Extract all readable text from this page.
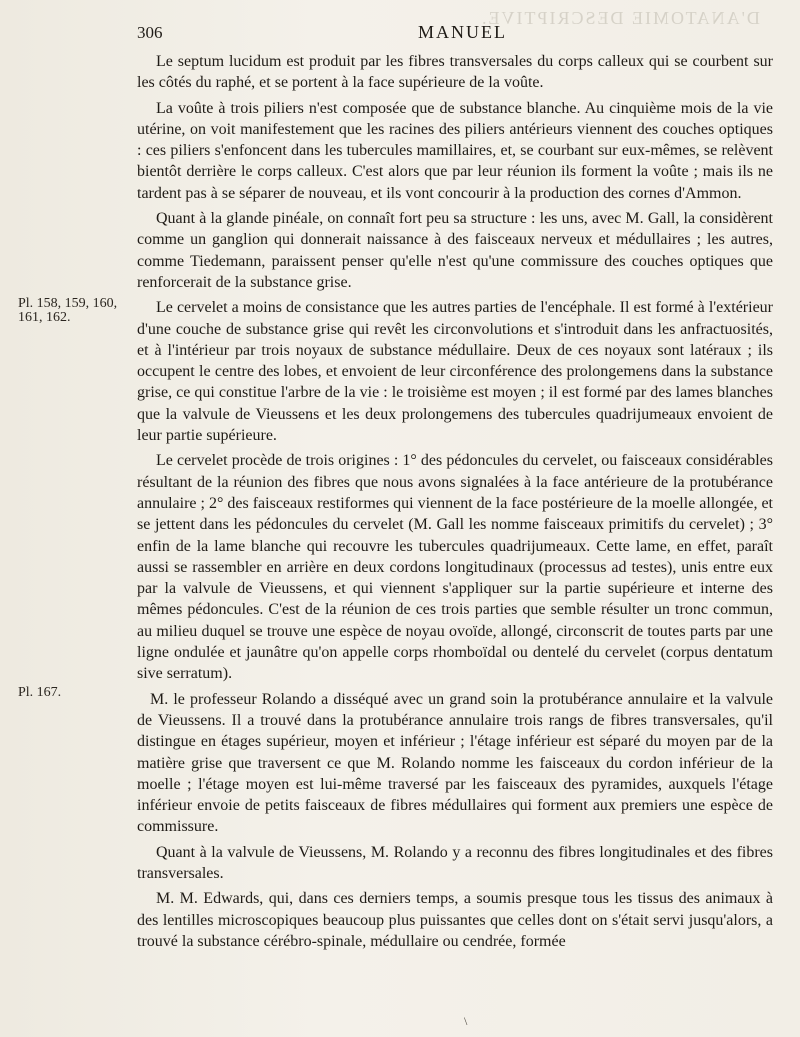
D'ANATOMIE DESCRIPTIVE.
306	MANUEL
Pl. 158, 159, 160, 161, 162.
Pl. 167.

Le septum lucidum est produit par les fibres transversales du corps calleux qui se courbent sur les côtés du raphé, et se portent à la face supérieure de la voûte.

La voûte à trois piliers n'est composée que de substance blanche. Au cinquième mois de la vie utérine, on voit manifestement que les racines des piliers antérieurs viennent des couches optiques : ces piliers s'enfoncent dans les tubercules mamillaires, et, se courbant sur eux-mêmes, se relèvent bientôt derrière le corps calleux. C'est alors que par leur réunion ils forment la voûte ; mais ils ne tardent pas à se séparer de nouveau, et ils vont concourir à la production des cornes d'Ammon.

Quant à la glande pinéale, on connaît fort peu sa structure : les uns, avec M. Gall, la considèrent comme un ganglion qui donnerait naissance à des faisceaux nerveux et médullaires ; les autres, comme Tiedemann, paraissent penser qu'elle n'est qu'une commissure des couches optiques que renforcerait de la substance grise.

Le cervelet a moins de consistance que les autres parties de l'encéphale. Il est formé à l'extérieur d'une couche de substance grise qui revêt les circonvolutions et s'introduit dans les anfractuosités, et à l'intérieur par trois noyaux de substance médullaire. Deux de ces noyaux sont latéraux ; ils occupent le centre des lobes, et envoient de leur circonférence des prolongemens dans la substance grise, ce qui constitue l'arbre de la vie : le troisième est moyen ; il est formé par des lames blanches que la valvule de Vieussens et les deux prolongemens des tubercules quadrijumeaux envoient de leur partie supérieure.

Le cervelet procède de trois origines : 1° des pédoncules du cervelet, ou faisceaux considérables résultant de la réunion des fibres que nous avons signalées à la face antérieure de la protubérance annulaire ; 2° des faisceaux restiformes qui viennent de la face postérieure de la moelle allongée, et se jettent dans les pédoncules du cervelet (M. Gall les nomme faisceaux primitifs du cervelet) ; 3° enfin de la lame blanche qui recouvre les tubercules quadrijumeaux. Cette lame, en effet, paraît aussi se rassembler en arrière en deux cordons longitudinaux (processus ad testes), unis entre eux par la valvule de Vieussens, et qui viennent s'appliquer sur la partie supérieure et interne des mêmes pédoncules. C'est de la réunion de ces trois parties que semble résulter un tronc commun, au milieu duquel se trouve une espèce de noyau ovoïde, allongé, circonscrit de toutes parts par une ligne ondulée et jaunâtre qu'on appelle corps rhomboïdal ou dentelé du cervelet (corpus dentatum sive serratum).

M. le professeur Rolando a disséqué avec un grand soin la protubérance annulaire et la valvule de Vieussens. Il a trouvé dans la protubérance annulaire trois rangs de fibres transversales, qu'il distingue en étages supérieur, moyen et inférieur ; l'étage inférieur est séparé du moyen par de la matière grise que traversent ce que M. Rolando nomme les faisceaux du cordon inférieur de la moelle ; l'étage moyen est lui-même traversé par les faisceaux des pyramides, auxquels l'étage inférieur envoie de petits faisceaux de fibres médullaires qui forment aux premiers une espèce de commissure.

Quant à la valvule de Vieussens, M. Rolando y a reconnu des fibres longitudinales et des fibres transversales.

M. M. Edwards, qui, dans ces derniers temps, a soumis presque tous les tissus des animaux à des lentilles microscopiques beaucoup plus puissantes que celles dont on s'était servi jusqu'alors, a trouvé la substance cérébro-spinale, médullaire ou cendrée, formée

\
